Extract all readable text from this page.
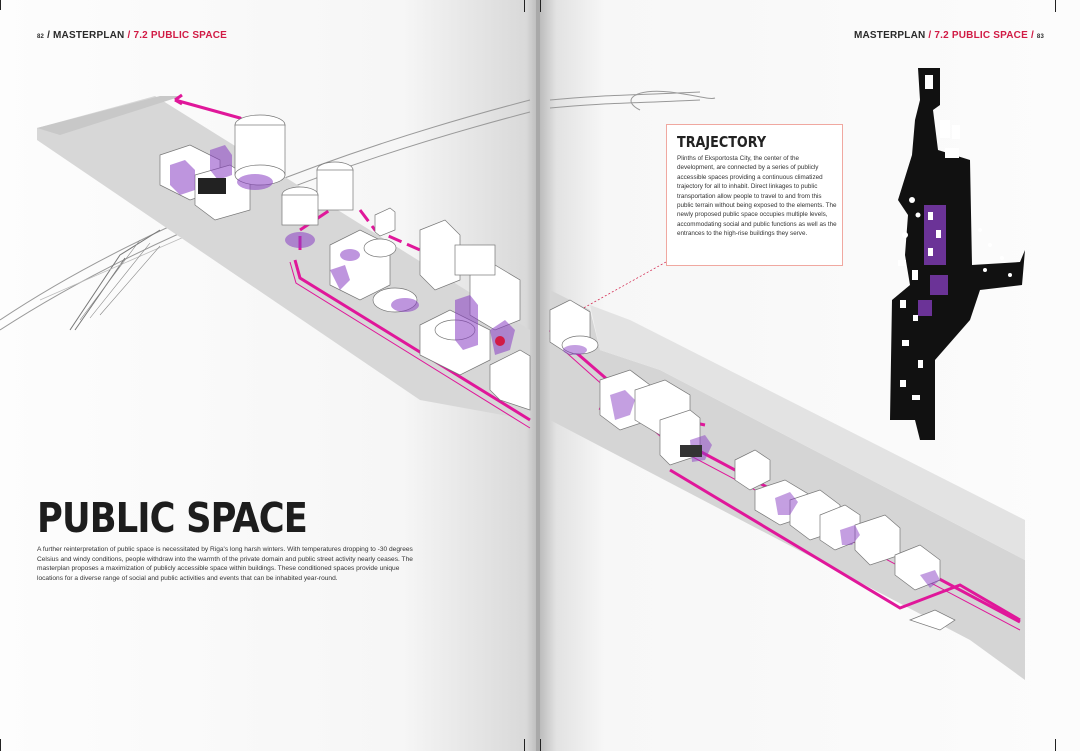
82 / MASTERPLAN / 7.2 PUBLIC SPACE
PUBLIC SPACE
A further reinterpretation of public space is necessitated by Riga's long harsh winters. With temperatures dropping to -30 degrees Celsius and windy conditions, people withdraw into the warmth of the private domain and public street activity nearly ceases. The masterplan proposes a maximization of publicly accessible space within buildings. These conditioned spaces provide unique locations for a diverse range of social and public activities and events that can be inhabited year-round.
MASTERPLAN / 7.2 PUBLIC SPACE / 83
TRAJECTORY
Plinths of Eksportosta City, the center of the development, are connected by a series of publicly accessible spaces providing a continuous climatized trajectory for all to inhabit. Direct linkages to public transportation allow people to travel to and from this public terrain without being exposed to the elements. The newly proposed public space occupies multiple levels, accommodating social and public functions as well as the entrances to the high-rise buildings they serve.
